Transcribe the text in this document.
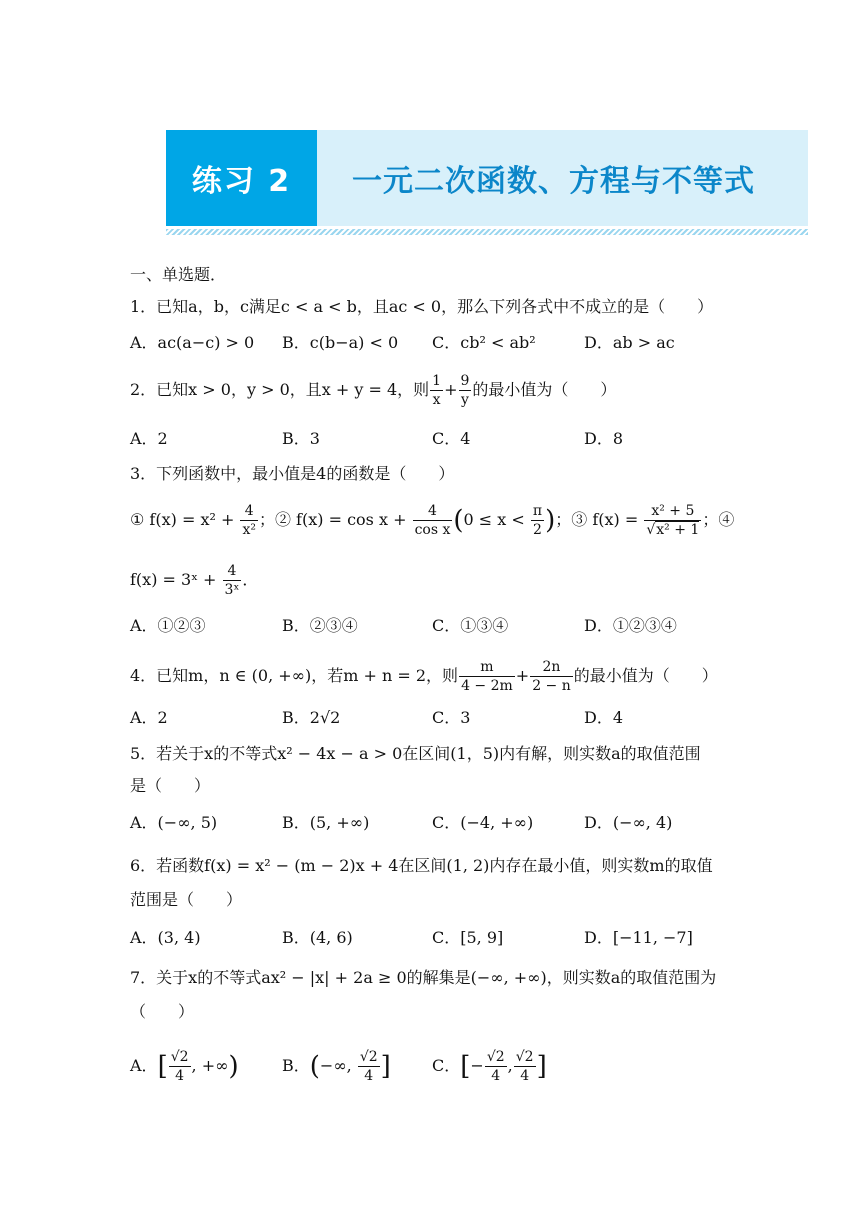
练习 2	一元二次函数、方程与不等式
一、单选题．
1．已知a，b，c满足c < a < b，且ac < 0，那么下列各式中不成立的是（　　）
A．ac(a−c) > 0 B．c(b−a) < 0 C．cb² < ab²	D．ab > ac
2．已知x > 0，y > 0，且x + y = 4，则 $\frac{1}{x} + \frac{9}{y}$ 的最小值为（　　）
A．2	B．3	C．4	D．8
3．下列函数中，最小值是4的函数是（　　）
① $f(x) = x^2 + \frac{4}{\text{x²}}$ ；② $f(x) = \cos x + \frac{4}{\text{cos x}} (0 \le x < \frac{\pi}{2}$ )；③ $f(x) = \frac{\text{x² + 5}}{\text{√x² + 1}}$ ；④
f(x) = 3ˣ + $\frac{4}{\text{3ˣ}}$ ．
A．①②③	B．②③④	C．①③④	D．①②③④
4．已知m，n ∈ (0, +∞)，若m + n = 2，则 $\frac{m}{4 - 2m} + \frac{2n}{2 - n}$ 的最小值为（　　）
A．2	B．2√2	C．3	D．4
5．若关于x的不等式x² − 4x − a > 0在区间(1，5)内有解，则实数a的取值范围
是（　　）
A．(−∞, 5)	B．(5, +∞)	C．(−4, +∞)	D．(−∞, 4)
6．若函数f(x) = x² − (m − 2)x + 4在区间(1, 2)内存在最小值，则实数m的取值
范围是（　　）
A．(3, 4)	B．(4, 6)	C．[5, 9]	D．[−11, −7]
7．关于x的不等式ax² − |x| + 2a ≥ 0的解集是(−∞, +∞)，则实数a的取值范围为
（　　）
A．[ $\frac{√2}{4}$ , +∞)	B．(−∞, $\frac{√2}{4}$ ]	C．[− $\frac{√2}{4}$ , $\frac{√2}{4}$ ]
